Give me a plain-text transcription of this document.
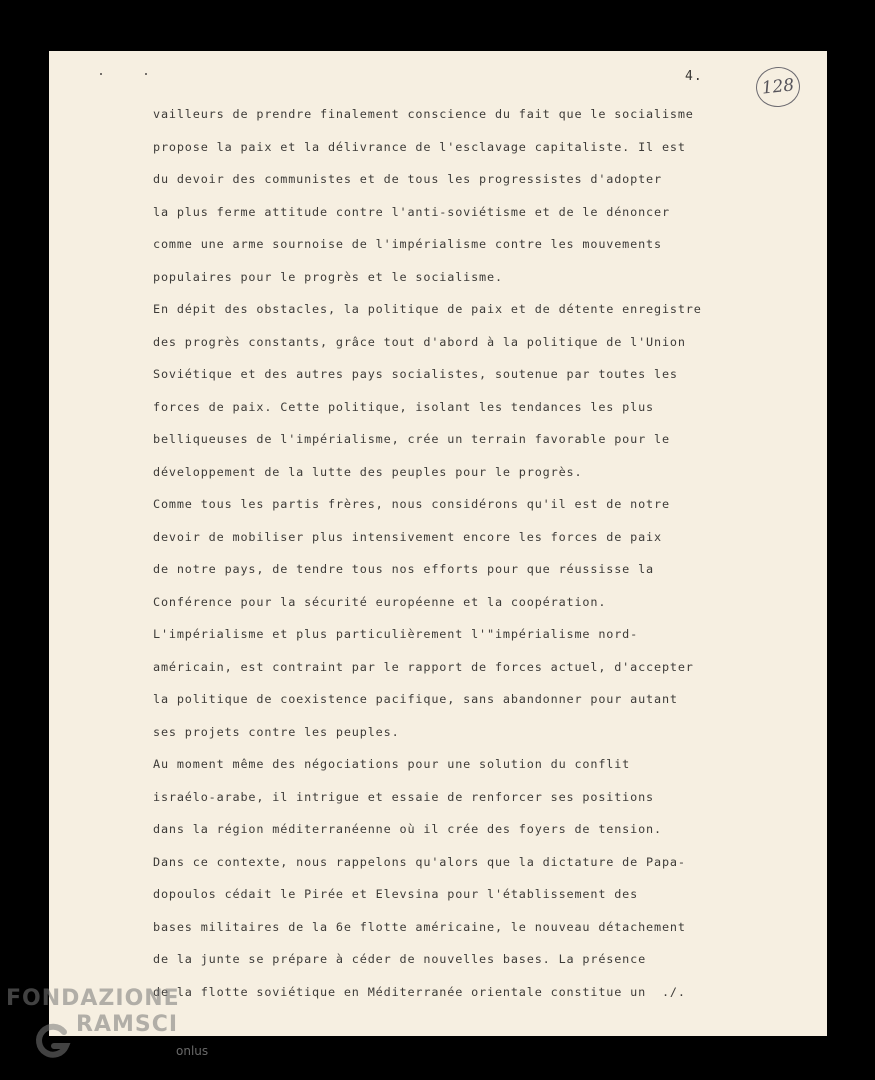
4.	128
vailleurs de prendre finalement conscience du fait que le socialisme
propose la paix et la délivrance de l'esclavage capitaliste. Il est
du devoir des communistes et de tous les progressistes d'adopter
la plus ferme attitude contre l'anti-soviétisme et de le dénoncer
comme une arme sournoise de l'impérialisme contre les mouvements
populaires pour le progrès et le socialisme.
En dépit des obstacles, la politique de paix et de détente enregistre
des progrès constants, grâce tout d'abord à la politique de l'Union
Soviétique et des autres pays socialistes, soutenue par toutes les
forces de paix. Cette politique, isolant les tendances les plus
belliqueuses de l'impérialisme, crée un terrain favorable pour le
développement de la lutte des peuples pour le progrès.
Comme tous les partis frères, nous considérons qu'il est de notre
devoir de mobiliser plus intensivement encore les forces de paix
de notre pays, de tendre tous nos efforts pour que réussisse la
Conférence pour la sécurité européenne et la coopération.
L'impérialisme et plus particulièrement l'"impérialisme nord-
américain, est contraint par le rapport de forces actuel, d'accepter
la politique de coexistence pacifique, sans abandonner pour autant
ses projets contre les peuples.
Au moment même des négociations pour une solution du conflit
israélo-arabe, il intrigue et essaie de renforcer ses positions
dans la région méditerranéenne où il crée des foyers de tension.
Dans ce contexte, nous rappelons qu'alors que la dictature de Papa-
dopoulos cédait le Pirée et Elevsina pour l'établissement des
bases militaires de la 6e flotte américaine, le nouveau détachement
de la junte se prépare à céder de nouvelles bases. La présence
de la flotte soviétique en Méditerranée orientale constitue un  ./.
FONDAZIONE
RAMSCI
onlus
